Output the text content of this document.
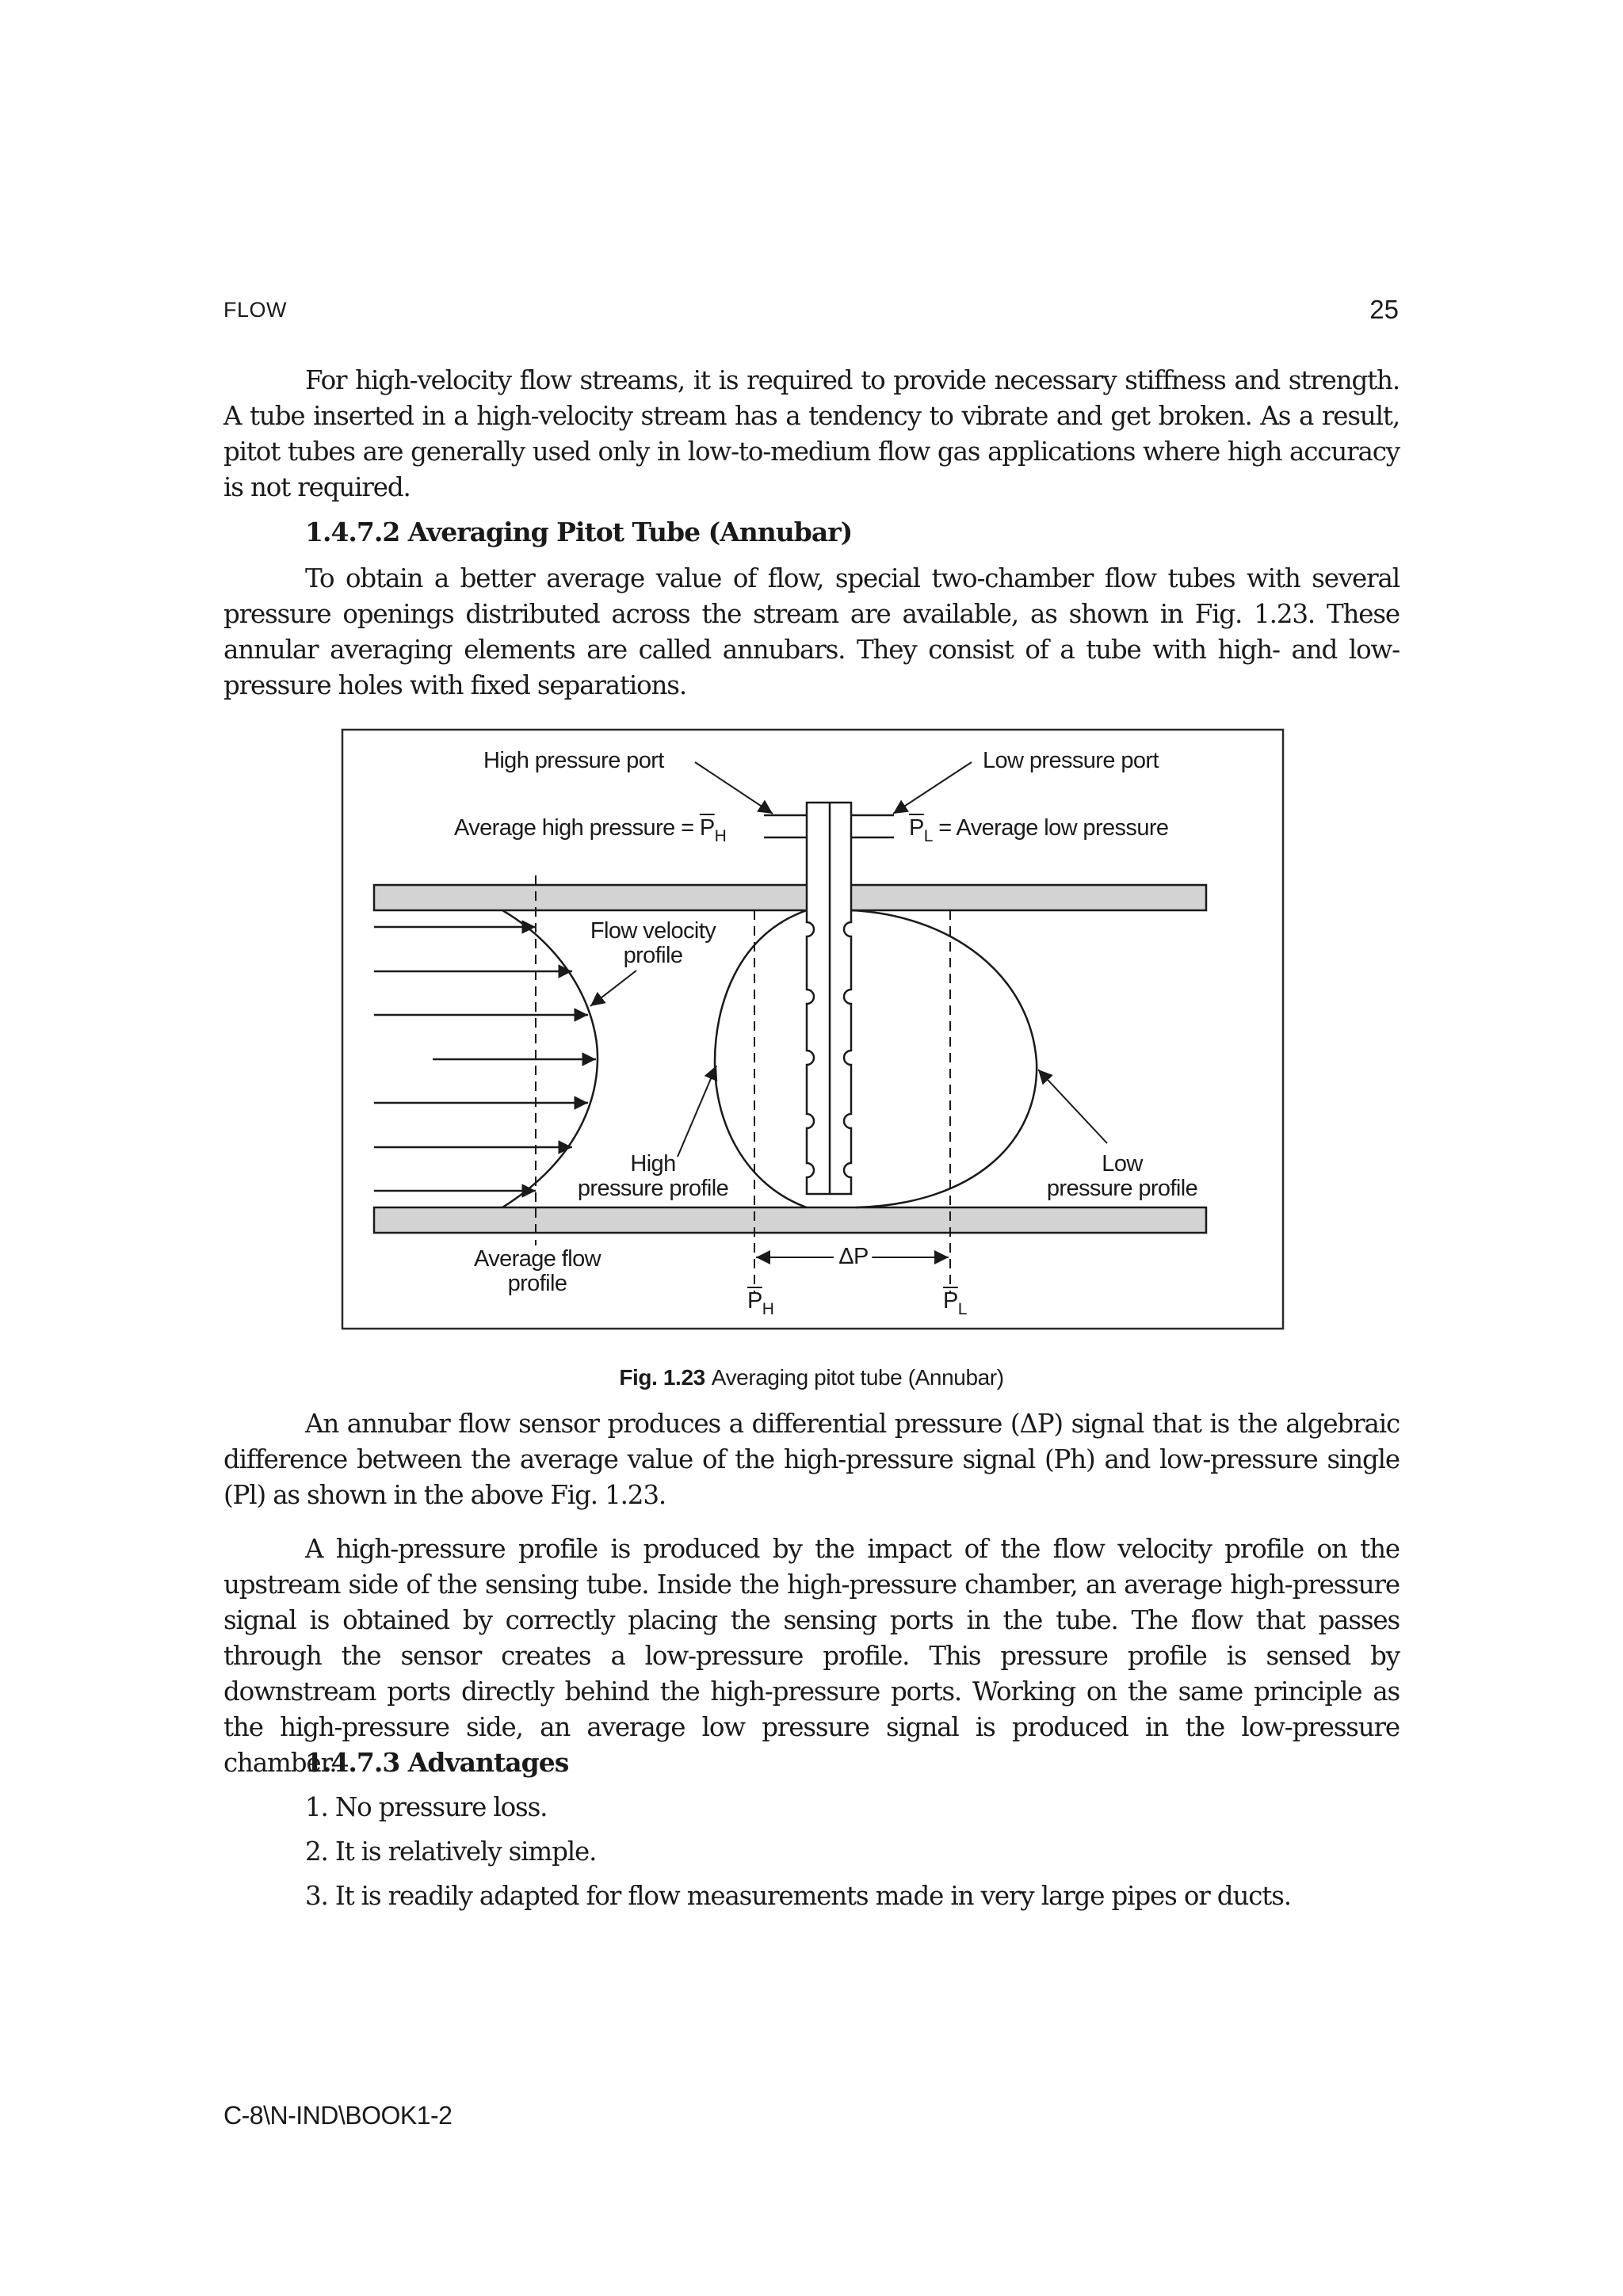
FLOW	25

For high-velocity flow streams, it is required to provide necessary stiffness and strength. A tube inserted in a high-velocity stream has a tendency to vibrate and get broken. As a result, pitot tubes are generally used only in low-to-medium flow gas applications where high accuracy is not required.

1.4.7.2 Averaging Pitot Tube (Annubar)

To obtain a better average value of flow, special two-chamber flow tubes with several pressure openings distributed across the stream are available, as shown in Fig. 1.23. These annular averaging elements are called annubars. They consist of a tube with high- and low-pressure holes with fixed separations.

High pressure port	Low pressure port
Average high pressure = $\overline{P}_H$	$\overline{P}_L$ = Average low pressure
Flow velocity
profile
High
pressure profile
Low
pressure profile
Average flow
profile
ΔP
$\overline{P}_H$	$\overline{P}_L$
Fig. 1.23 Averaging pitot tube (Annubar)

An annubar flow sensor produces a differential pressure (ΔP) signal that is the algebraic difference between the average value of the high-pressure signal (Ph) and low-pressure single (Pl) as shown in the above Fig. 1.23.

A high-pressure profile is produced by the impact of the flow velocity profile on the upstream side of the sensing tube. Inside the high-pressure chamber, an average high-pressure signal is obtained by correctly placing the sensing ports in the tube. The flow that passes through the sensor creates a low-pressure profile. This pressure profile is sensed by downstream ports directly behind the high-pressure ports. Working on the same principle as the high-pressure side, an average low pressure signal is produced in the low-pressure chamber.

1.4.7.3 Advantages
1. No pressure loss.
2. It is relatively simple.
3. It is readily adapted for flow measurements made in very large pipes or ducts.
C-8\N-IND\BOOK1-2
